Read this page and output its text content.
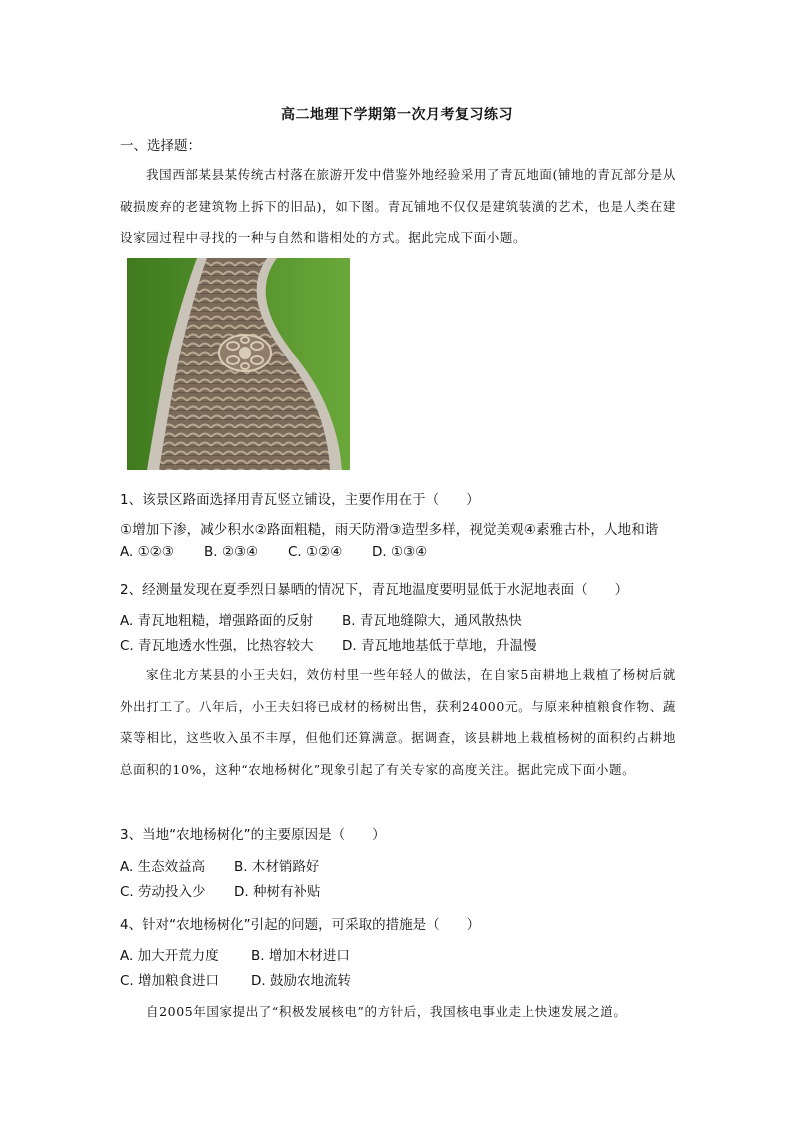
高二地理下学期第一次月考复习练习
一、选择题：
我国西部某县某传统古村落在旅游开发中借鉴外地经验采用了青瓦地面(铺地的青瓦部分是从破损废弃的老建筑物上拆下的旧品)，如下图。青瓦铺地不仅仅是建筑装潢的艺术，也是人类在建设家园过程中寻找的一种与自然和谐相处的方式。据此完成下面小题。
1、该景区路面选择用青瓦竖立铺设，主要作用在于（　　）
①增加下渗，减少积水②路面粗糙，雨天防滑③造型多样，视觉美观④素雅古朴，人地和谐
A. ①②③ B. ②③④ C. ①②④ D. ①③④
2、经测量发现在夏季烈日暴晒的情况下，青瓦地温度要明显低于水泥地表面（　　）
A. 青瓦地粗糙，增强路面的反射 B. 青瓦地缝隙大，通风散热快
C. 青瓦地透水性强，比热容较大 D. 青瓦地地基低于草地，升温慢
家住北方某县的小王夫妇，效仿村里一些年轻人的做法，在自家5亩耕地上栽植了杨树后就外出打工了。八年后，小王夫妇将已成材的杨树出售，获利24000元。与原来种植粮食作物、蔬菜等相比，这些收入虽不丰厚，但他们还算满意。据调查，该县耕地上栽植杨树的面积约占耕地总面积的10%，这种“农地杨树化”现象引起了有关专家的高度关注。据此完成下面小题。
3、当地“农地杨树化”的主要原因是（　　）
A. 生态效益高 B. 木材销路好
C. 劳动投入少 D. 种树有补贴
4、针对“农地杨树化”引起的问题，可采取的措施是（　　）
A. 加大开荒力度 B. 增加木材进口
C. 增加粮食进口 D. 鼓励农地流转
自2005年国家提出了“积极发展核电”的方针后，我国核电事业走上快速发展之道。
